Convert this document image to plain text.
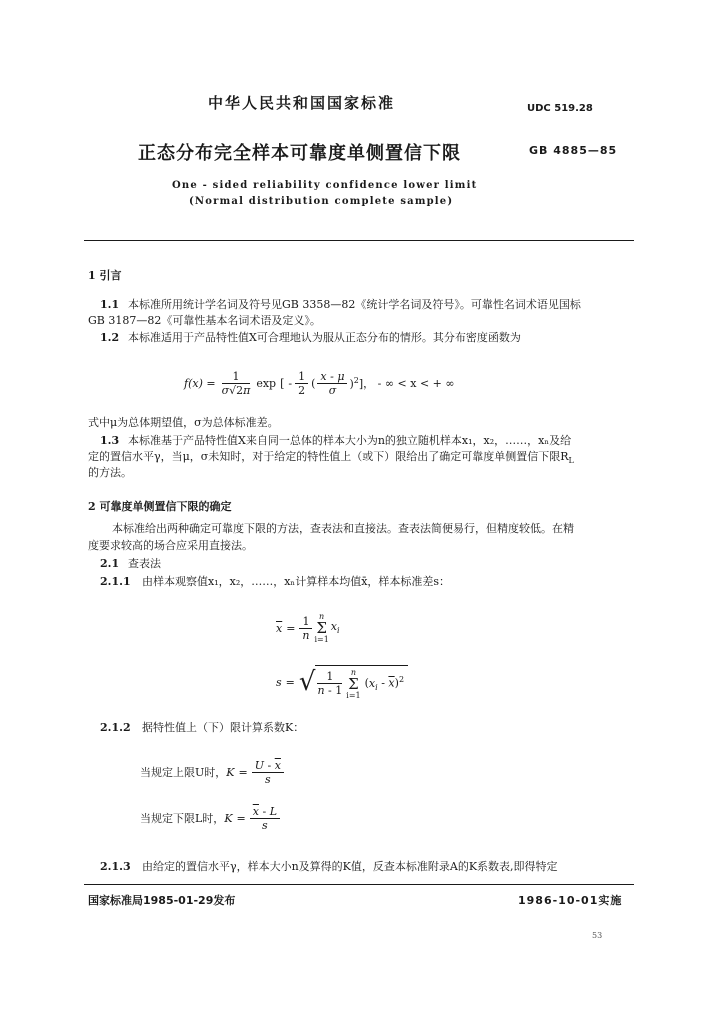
中华人民共和国国家标准	UDC 519.28
正态分布完全样本可靠度单侧置信下限	GB 4885—85
One - sided reliability confidence lower limit
(Normal distribution complete sample)
1 引言
1.1 本标准所用统计学名词及符号见GB 3358—82《统计学名词及符号》。可靠性名词术语见国标
GB 3187—82《可靠性基本名词术语及定义》。
1.2 本标准适用于产品特性值X可合理地认为服从正态分布的情形。其分布密度函数为
$f(x) = \frac{1}{\sigma√2\pi}$ exp [ - $\frac{1}{2}$ ( $\frac{x - \mu}{\sigma} )^2$] ， - ∞ < x < + ∞
式中μ为总体期望值，σ为总体标准差。
1.3 本标准基于产品特性值X来自同一总体的样本大小为n的独立随机样本x₁，x₂，……，xₙ及给
定的置信水平γ，当μ，σ未知时，对于给定的特性值上（或下）限给出了确定可靠度单侧置信下限$R_L$
的方法。
2 可靠度单侧置信下限的确定
本标准给出两种确定可靠度下限的方法，查表法和直接法。查表法简便易行，但精度较低。在精
度要求较高的场合应采用直接法。
2.1 查表法
2.1.1 由样本观察值x₁，x₂，……，xₙ计算样本均值x̄，样本标准差s：
$\overline{x} = \frac{1}{n}$ n
Σ
i=1
$x_i$
s = √ $\frac{1}{n - 1}$ n
Σ
i=1
$(x_i - \overline{x})^2$
2.1.2 据特性值上（下）限计算系数K：
当规定上限U时， $K = \frac{U - \overline{x}}{s}$
当规定下限L时， $K = \frac{\overline{x} - L}{s}$
2.1.3 由给定的置信水平γ，样本大小n及算得的K值，反查本标准附录A的K系数表,即得特定
国家标准局1985-01-29发布	1986-10-01实施
53
